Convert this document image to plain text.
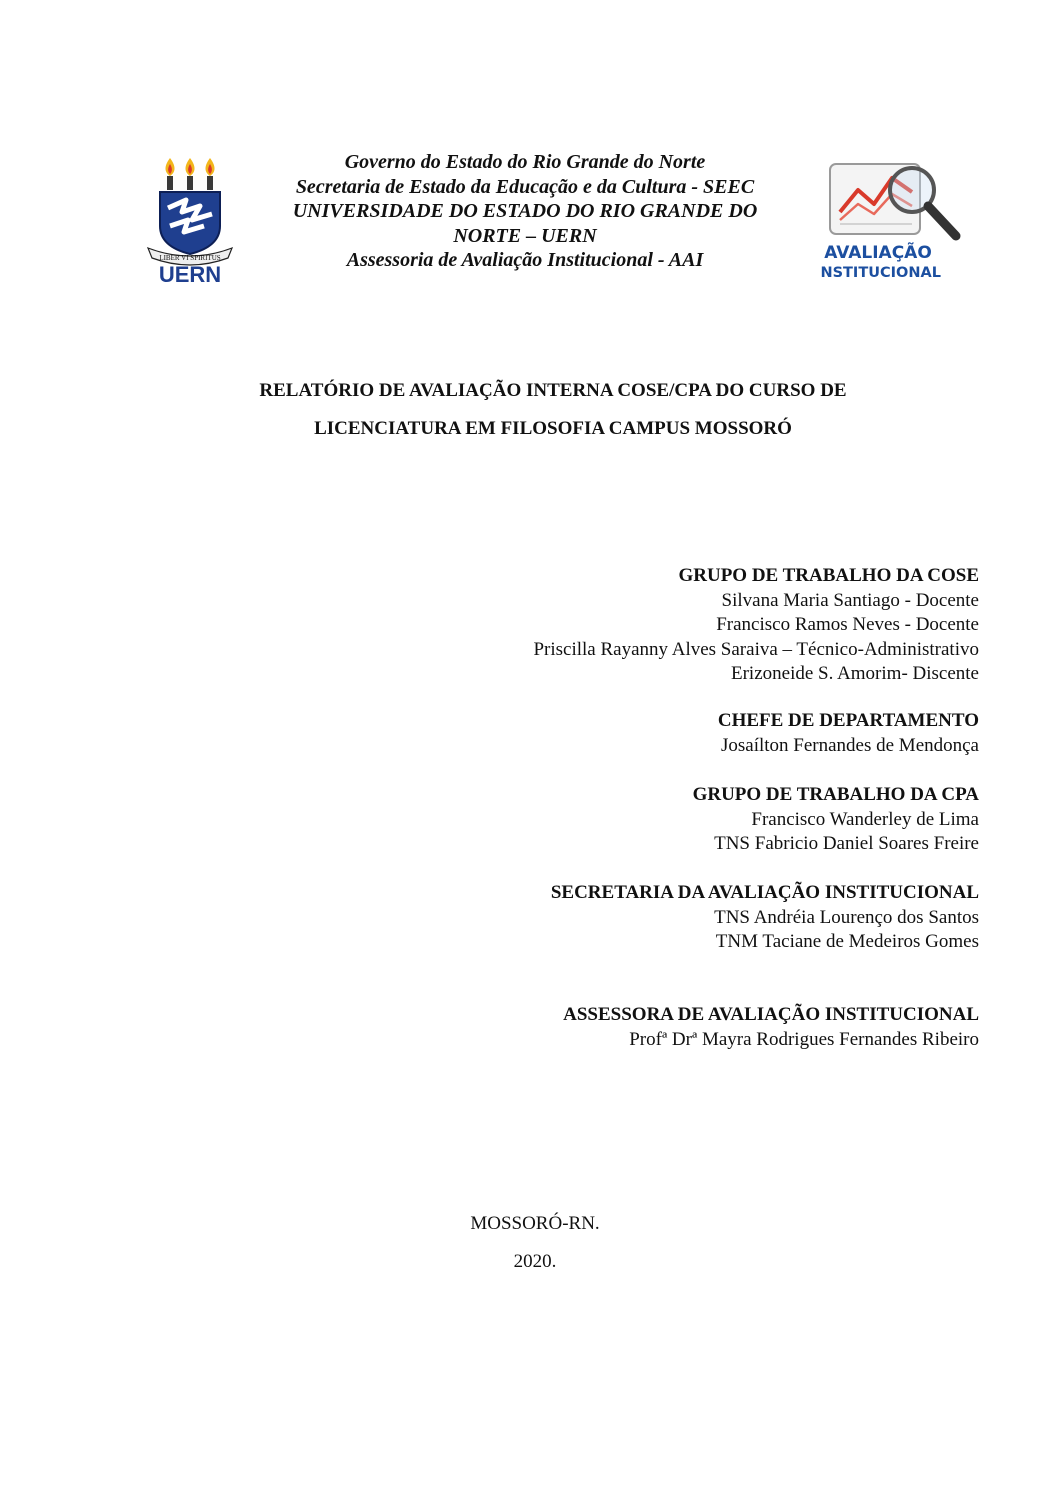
LIBER VI SPIRITUS
UERN
Governo do Estado do Rio Grande do Norte
Secretaria de Estado da Educação e da Cultura - SEEC
UNIVERSIDADE DO ESTADO DO RIO GRANDE DO
NORTE – UERN
Assessoria de Avaliação Institucional - AAI	AVALIAÇÃO
INSTITUCIONAL
RELATÓRIO DE AVALIAÇÃO INTERNA COSE/CPA DO CURSO DE
LICENCIATURA EM FILOSOFIA CAMPUS MOSSORÓ
GRUPO DE TRABALHO DA COSE
Silvana Maria Santiago - Docente
Francisco Ramos Neves - Docente
Priscilla Rayanny Alves Saraiva – Técnico-Administrativo
Erizoneide S. Amorim- Discente
CHEFE DE DEPARTAMENTO
Josaílton Fernandes de Mendonça
GRUPO DE TRABALHO DA CPA
Francisco Wanderley de Lima
TNS Fabricio Daniel Soares Freire
SECRETARIA DA AVALIAÇÃO INSTITUCIONAL
TNS Andréia Lourenço dos Santos
TNM Taciane de Medeiros Gomes
ASSESSORA DE AVALIAÇÃO INSTITUCIONAL
Profª Drª Mayra Rodrigues Fernandes Ribeiro
MOSSORÓ-RN.
2020.
